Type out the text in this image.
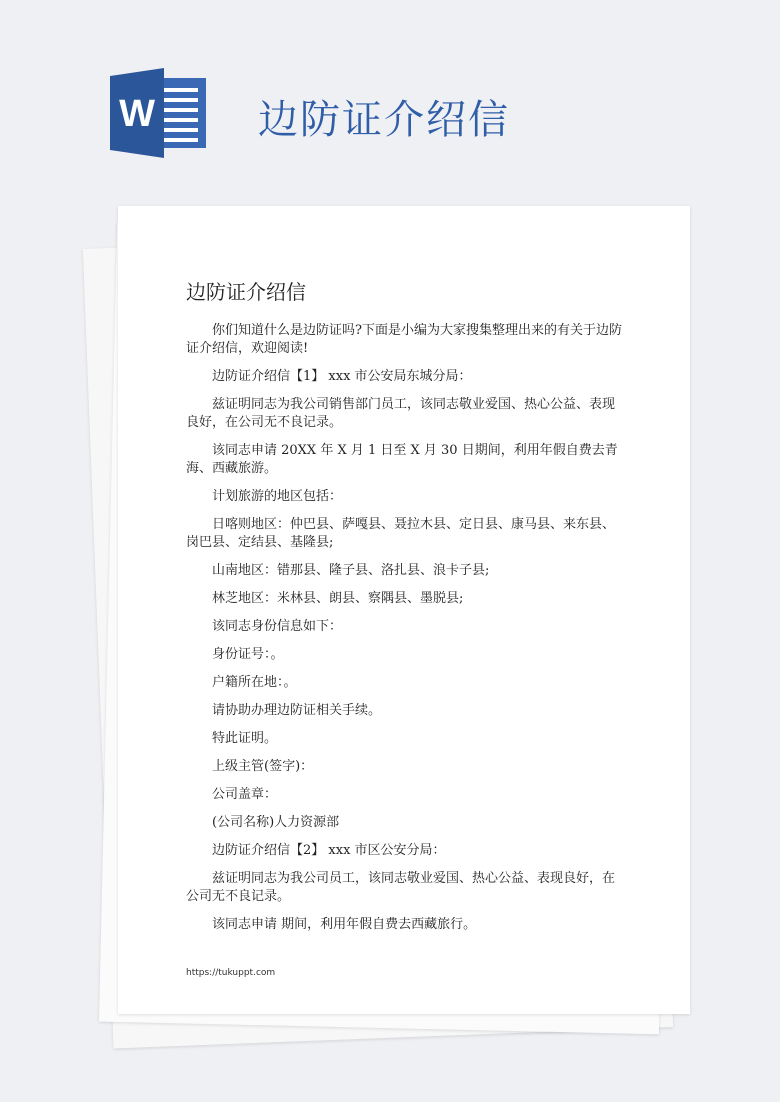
W	边防证介绍信
边防证介绍信

你们知道什么是边防证吗?下面是小编为大家搜集整理出来的有关于边防证介绍信，欢迎阅读!

边防证介绍信【1】 xxx 市公安局东城分局：

兹证明同志为我公司销售部门员工，该同志敬业爱国、热心公益、表现良好，在公司无不良记录。

该同志申请 20XX 年 X 月 1 日至 X 月 30 日期间，利用年假自费去青海、西藏旅游。

计划旅游的地区包括：

日喀则地区：仲巴县、萨嘎县、聂拉木县、定日县、康马县、来东县、岗巴县、定结县、基隆县;

山南地区：错那县、隆子县、洛扎县、浪卡子县;

林芝地区：米林县、朗县、察隅县、墨脱县;

该同志身份信息如下：

身份证号：。

户籍所在地：。

请协助办理边防证相关手续。

特此证明。

上级主管(签字)：

公司盖章：

(公司名称)人力资源部

边防证介绍信【2】 xxx 市区公安分局：

兹证明同志为我公司员工，该同志敬业爱国、热心公益、表现良好，在公司无不良记录。

该同志申请 期间，利用年假自费去西藏旅行。

https://tukuppt.com
